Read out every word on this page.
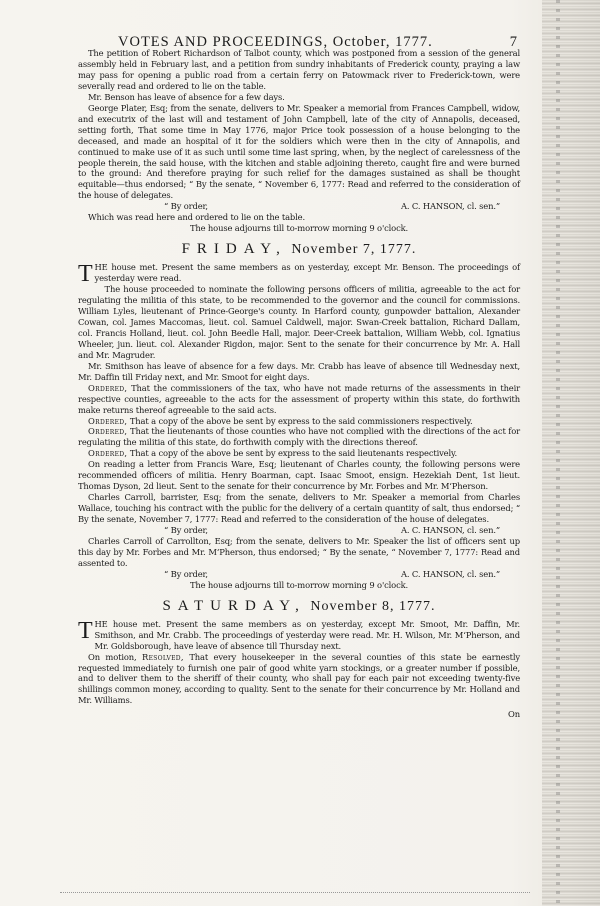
VOTES AND PROCEEDINGS, October, 1777.	7

The petition of Robert Richardson of Talbot county, which was postponed from a session of the general assembly held in February last, and a petition from sundry inhabitants of Frederick county, praying a law may pass for opening a public road from a certain ferry on Patowmack river to Frederick-town, were severally read and ordered to lie on the table.

Mr. Benson has leave of absence for a few days.

George Plater, Esq; from the senate, delivers to Mr. Speaker a memorial from Frances Campbell, widow, and executrix of the last will and testament of John Campbell, late of the city of Annapolis, deceased, setting forth, That some time in May 1776, major Price took possession of a house belonging to the deceased, and made an hospital of it for the soldiers which were then in the city of Annapolis, and continued to make use of it as such until some time last spring, when, by the neglect of carelessness of the people therein, the said house, with the kitchen and stable adjoining thereto, caught fire and were burned to the ground: And therefore praying for such relief for the damages sustained as shall be thought equitable—thus endorsed; “ By the senate, “ November 6, 1777: Read and referred to the consideration of the house of delegates.

“ By order,	A. C. HANSON, cl. sen.”

Which was read here and ordered to lie on the table.

The house adjourns till to-morrow morning 9 o'clock.

FRIDAY, November 7, 1777.

THE house met. Present the same members as on yesterday, except Mr. Benson. The proceedings of yesterday were read.

The house proceeded to nominate the following persons officers of militia, agreeable to the act for regulating the militia of this state, to be recommended to the governor and the council for commissions. William Lyles, lieutenant of Prince-George's county. In Harford county, gunpowder battalion, Alexander Cowan, col. James Maccomas, lieut. col. Samuel Caldwell, major. Swan-Creek battalion, Richard Dallam, col. Francis Holland, lieut. col. John Beedle Hall, major. Deer-Creek battalion, William Webb, col. Ignatius Wheeler, jun. lieut. col. Alexander Rigdon, major. Sent to the senate for their concurrence by Mr. A. Hall and Mr. Magruder.

Mr. Smithson has leave of absence for a few days. Mr. Crabb has leave of absence till Wednesday next, Mr. Daffin till Friday next, and Mr. Smoot for eight days.

Ordered, That the commissioners of the tax, who have not made returns of the assessments in their respective counties, agreeable to the acts for the assessment of property within this state, do forthwith make returns thereof agreeable to the said acts.

Ordered, That a copy of the above be sent by express to the said commissioners respectively.

Ordered, That the lieutenants of those counties who have not complied with the directions of the act for regulating the militia of this state, do forthwith comply with the directions thereof.

Ordered, That a copy of the above be sent by express to the said lieutenants respectively.

On reading a letter from Francis Ware, Esq; lieutenant of Charles county, the following persons were recommended officers of militia. Henry Boarman, capt. Isaac Smoot, ensign. Hezekiah Dent, 1st lieut. Thomas Dyson, 2d lieut. Sent to the senate for their concurrence by Mr. Forbes and Mr. M‘Pherson.

Charles Carroll, barrister, Esq; from the senate, delivers to Mr. Speaker a memorial from Charles Wallace, touching his contract with the public for the delivery of a certain quantity of salt, thus endorsed; “ By the senate, November 7, 1777: Read and referred to the consideration of the house of delegates.

“ By order,	A. C. HANSON, cl. sen.”

Charles Carroll of Carrollton, Esq; from the senate, delivers to Mr. Speaker the list of officers sent up this day by Mr. Forbes and Mr. M‘Pherson, thus endorsed; “ By the senate, “ November 7, 1777: Read and assented to.

“ By order,	A. C. HANSON, cl. sen.”

The house adjourns till to-morrow morning 9 o'clock.

SATURDAY, November 8, 1777.

THE house met. Present the same members as on yesterday, except Mr. Smoot, Mr. Daffin, Mr. Smithson, and Mr. Crabb. The proceedings of yesterday were read. Mr. H. Wilson, Mr. M‘Pherson, and Mr. Goldsborough, have leave of absence till Thursday next.

On motion, Resolved, That every housekeeper in the several counties of this state be earnestly requested immediately to furnish one pair of good white yarn stockings, or a greater number if possible, and to deliver them to the sheriff of their county, who shall pay for each pair not exceeding twenty-five shillings common money, according to quality. Sent to the senate for their concurrence by Mr. Holland and Mr. Williams.

On
